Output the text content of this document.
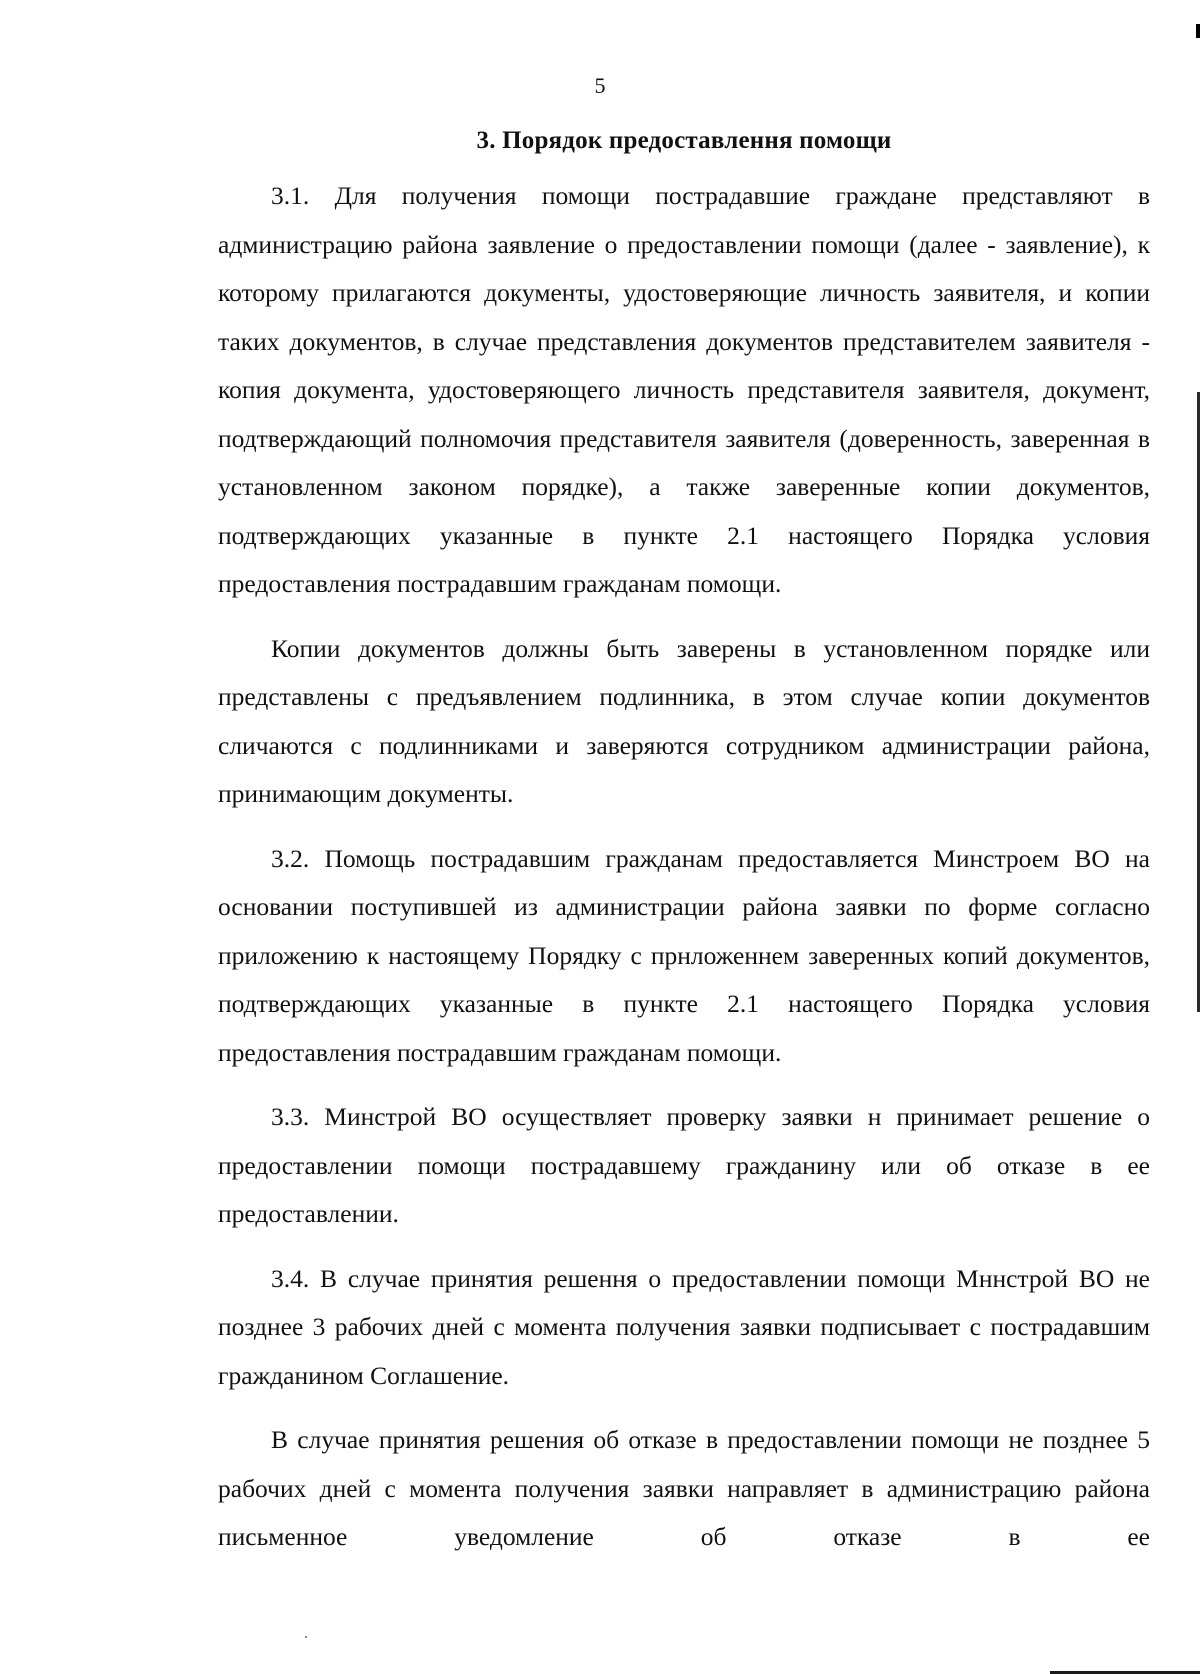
5
3. Порядок предоставлення помощи

3.1. Для получения помощи пострадавшие граждане представляют в администрацию района заявление о предоставлении помощи (далее - заявление), к которому прилагаются документы, удостоверяющие личность заявителя, и копии таких документов, в случае представления документов представителем заявителя - копия документа, удостоверяющего личность представителя заявителя, документ, подтверждающий полномочия представителя заявителя (доверенность, заверенная в установленном законом порядке), а также заверенные копии документов, подтверждающих указанные в пункте 2.1 настоящего Порядка условия предоставления пострадавшим гражданам помощи.

Копии документов должны быть заверены в установленном порядке или представлены с предъявлением подлинника, в этом случае копии документов сличаются с подлинниками и заверяются сотрудником администрации района, принимающим документы.

3.2. Помощь пострадавшим гражданам предоставляется Минстроем ВО на основании поступившей из администрации района заявки по форме согласно приложению к настоящему Порядку с прнложеннем заверенных копий документов, подтверждающих указанные в пункте 2.1 настоящего Порядка условия предоставления пострадавшим гражданам помощи.

3.3. Минстрой ВО осуществляет проверку заявки н принимает решение о предоставлении помощи пострадавшему гражданину или об отказе в ее предоставлении.

3.4. В случае принятия решення о предоставлении помощи Мннстрой ВО не позднее 3 рабочих дней с момента получения заявки подписывает с пострадавшим гражданином Соглашение.

В случае принятия решения об отказе в предоставлении помощи не позднее 5 рабочих дней с момента получения заявки направляет в администрацию района письменное уведомление об отказе в ее
